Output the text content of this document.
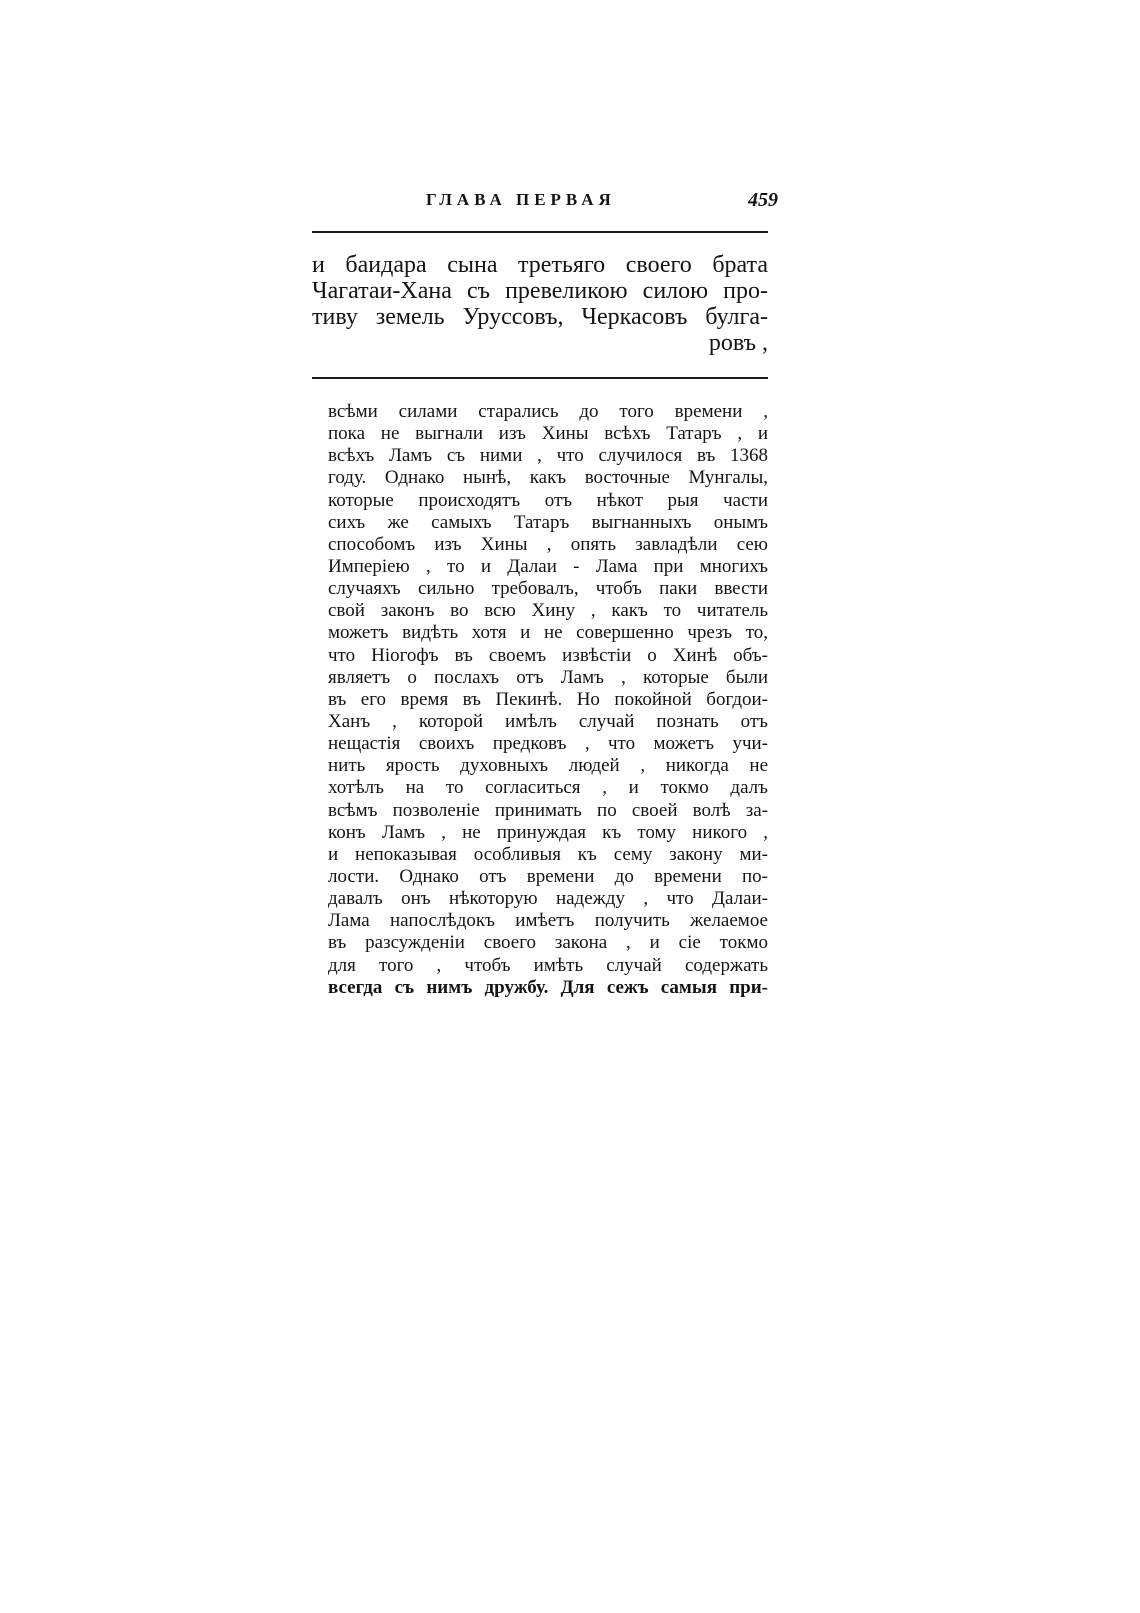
ГЛАВА ПЕРВАЯ	459
и баидара сына третьяго своего брата
Чагатаи-Хана съ превеликою силою про-
тиву земель Уруссовъ, Черкасовъ булга-
ровъ ,
всѣми силами старались до того времени ,
пока не выгнали изъ Хины всѣхъ Татаръ , и
всѣхъ Ламъ съ ними , что случилося въ 1368
году. Однако нынѣ, какъ восточные Мунгалы,
которые происходятъ отъ нѣкот рыя части
сихъ же самыхъ Татаръ выгнанныхъ онымъ
способомъ изъ Хины , опять завладѣли сею
Имперіею , то и Далаи - Лама при многихъ
случаяхъ сильно требовалъ, чтобъ паки ввести
свой законъ во всю Хину , какъ то читатель
можетъ видѣть хотя и не совершенно чрезъ то,
что Ніогофъ въ своемъ извѣстіи о Хинѣ объ-
являетъ о послахъ отъ Ламъ , которые были
въ его время въ Пекинѣ. Но покойной богдои-
Ханъ , которой имѣлъ случай познать отъ
нещастія своихъ предковъ , что можетъ учи-
нить ярость духовныхъ людей , никогда не
хотѣлъ на то согласиться , и токмо далъ
всѣмъ позволеніе принимать по своей волѣ за-
конъ Ламъ , не принуждая къ тому никого ,
и непоказывая особливыя къ сему закону ми-
лости. Однако отъ времени до времени по-
давалъ онъ нѣкоторую надежду , что Далаи-
Лама напослѣдокъ имѣетъ получить желаемое
въ разсужденіи своего закона , и сіе токмо
для того , чтобъ имѣть случай содержать
всегда съ нимъ дружбу. Для сежъ самыя при-
